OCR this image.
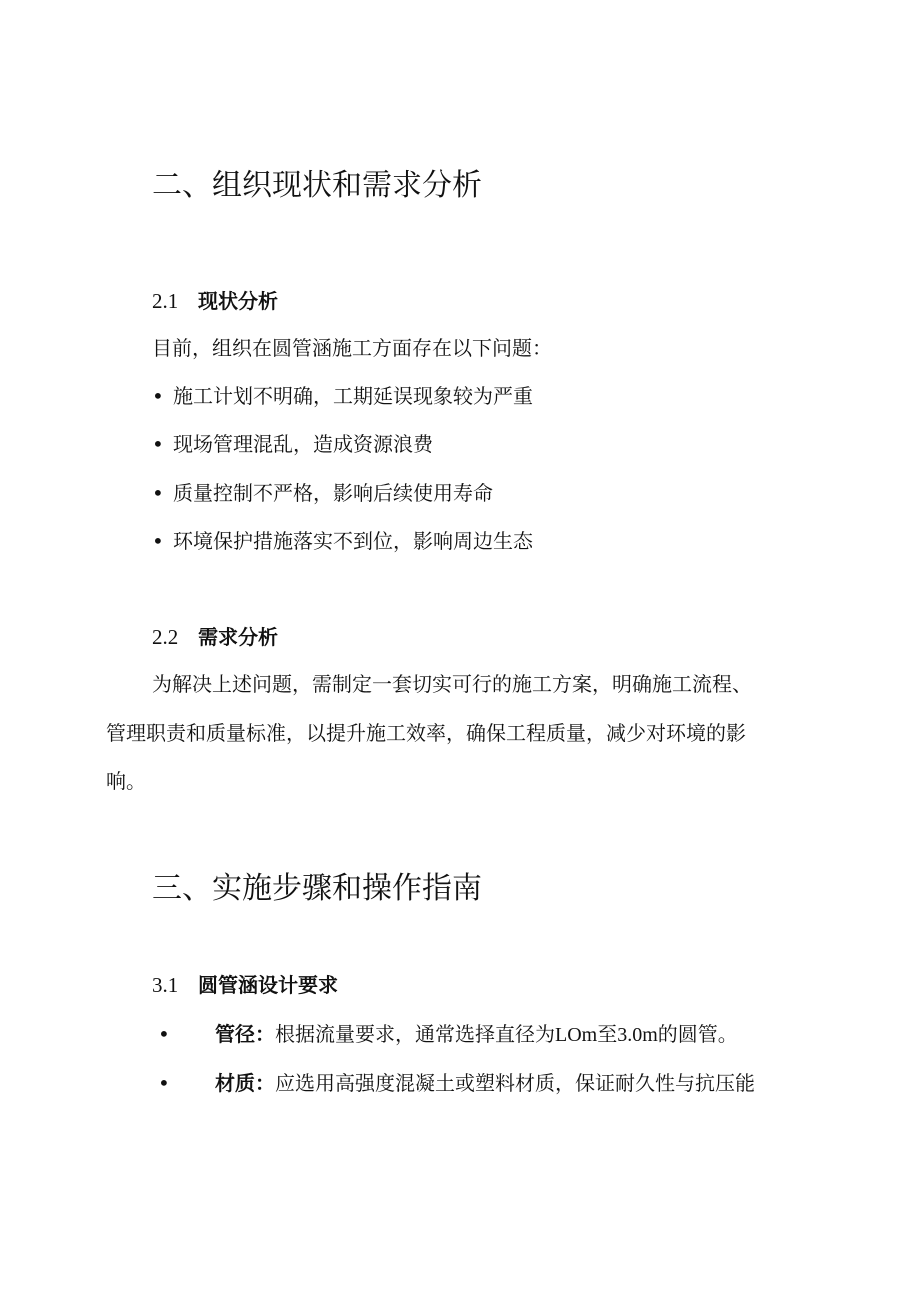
二、组织现状和需求分析
2.1 现状分析
目前，组织在圆管涵施工方面存在以下问题：
• 施工计划不明确，工期延误现象较为严重
• 现场管理混乱，造成资源浪费
• 质量控制不严格，影响后续使用寿命
• 环境保护措施落实不到位，影响周边生态
2.2 需求分析
为解决上述问题，需制定一套切实可行的施工方案，明确施工流程、
管理职责和质量标准，以提升施工效率，确保工程质量，减少对环境的影
响。
三、实施步骤和操作指南
3.1 圆管涵设计要求
• 管径：根据流量要求，通常选择直径为LOm至3.0m的圆管。
• 材质：应选用高强度混凝土或塑料材质，保证耐久性与抗压能
